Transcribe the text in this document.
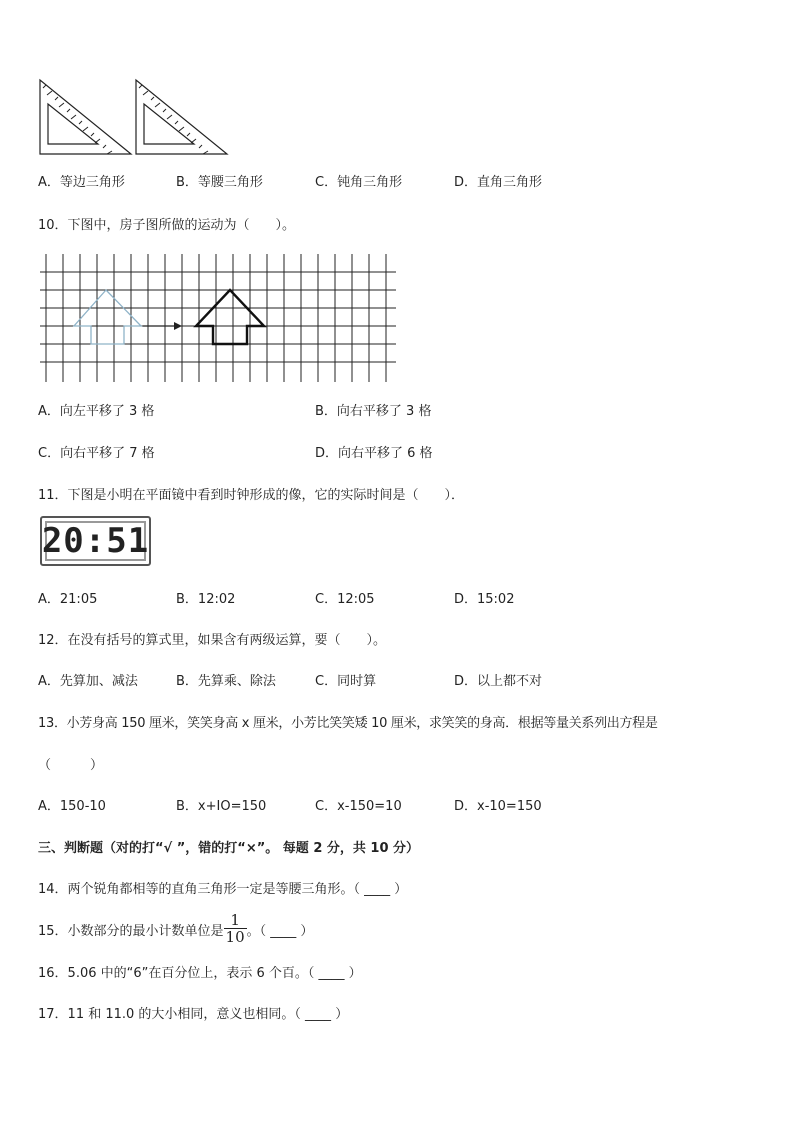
A．等边三角形	B．等腰三角形	C．钝角三角形	D．直角三角形
10．下图中，房子图所做的运动为（　　）。
A．向左平移了 3 格	B．向右平移了 3 格
C．向右平移了 7 格	D．向右平移了 6 格
11．下图是小明在平面镜中看到时钟形成的像，它的实际时间是（　　）．
20:51
A．21:05	B．12:02	C．12:05	D．15:02
12．在没有括号的算式里，如果含有两级运算，要（　　）。
A．先算加、减法	B．先算乘、除法	C．同时算	D．以上都不对
13．小芳身高 150 厘米，笑笑身高 x 厘米，小芳比笑笑矮 10 厘米，求笑笑的身高．根据等量关系列出方程是
（　　　）
A．150-10	B．x+IO=150	C．x-150=10	D．x-10=150
三、判断题（对的打“√ ”，错的打“×”。 每题 2 分，共 10 分）
14．两个锐角都相等的直角三角形一定是等腰三角形。（ ____ ）
15．小数部分的最小计数单位是 $\frac{1}{10}$ 。（ ____ ）
16．5.06 中的“6”在百分位上，表示 6 个百。（ ____ ）
17．11 和 11.0 的大小相同，意义也相同。（ ____ ）
